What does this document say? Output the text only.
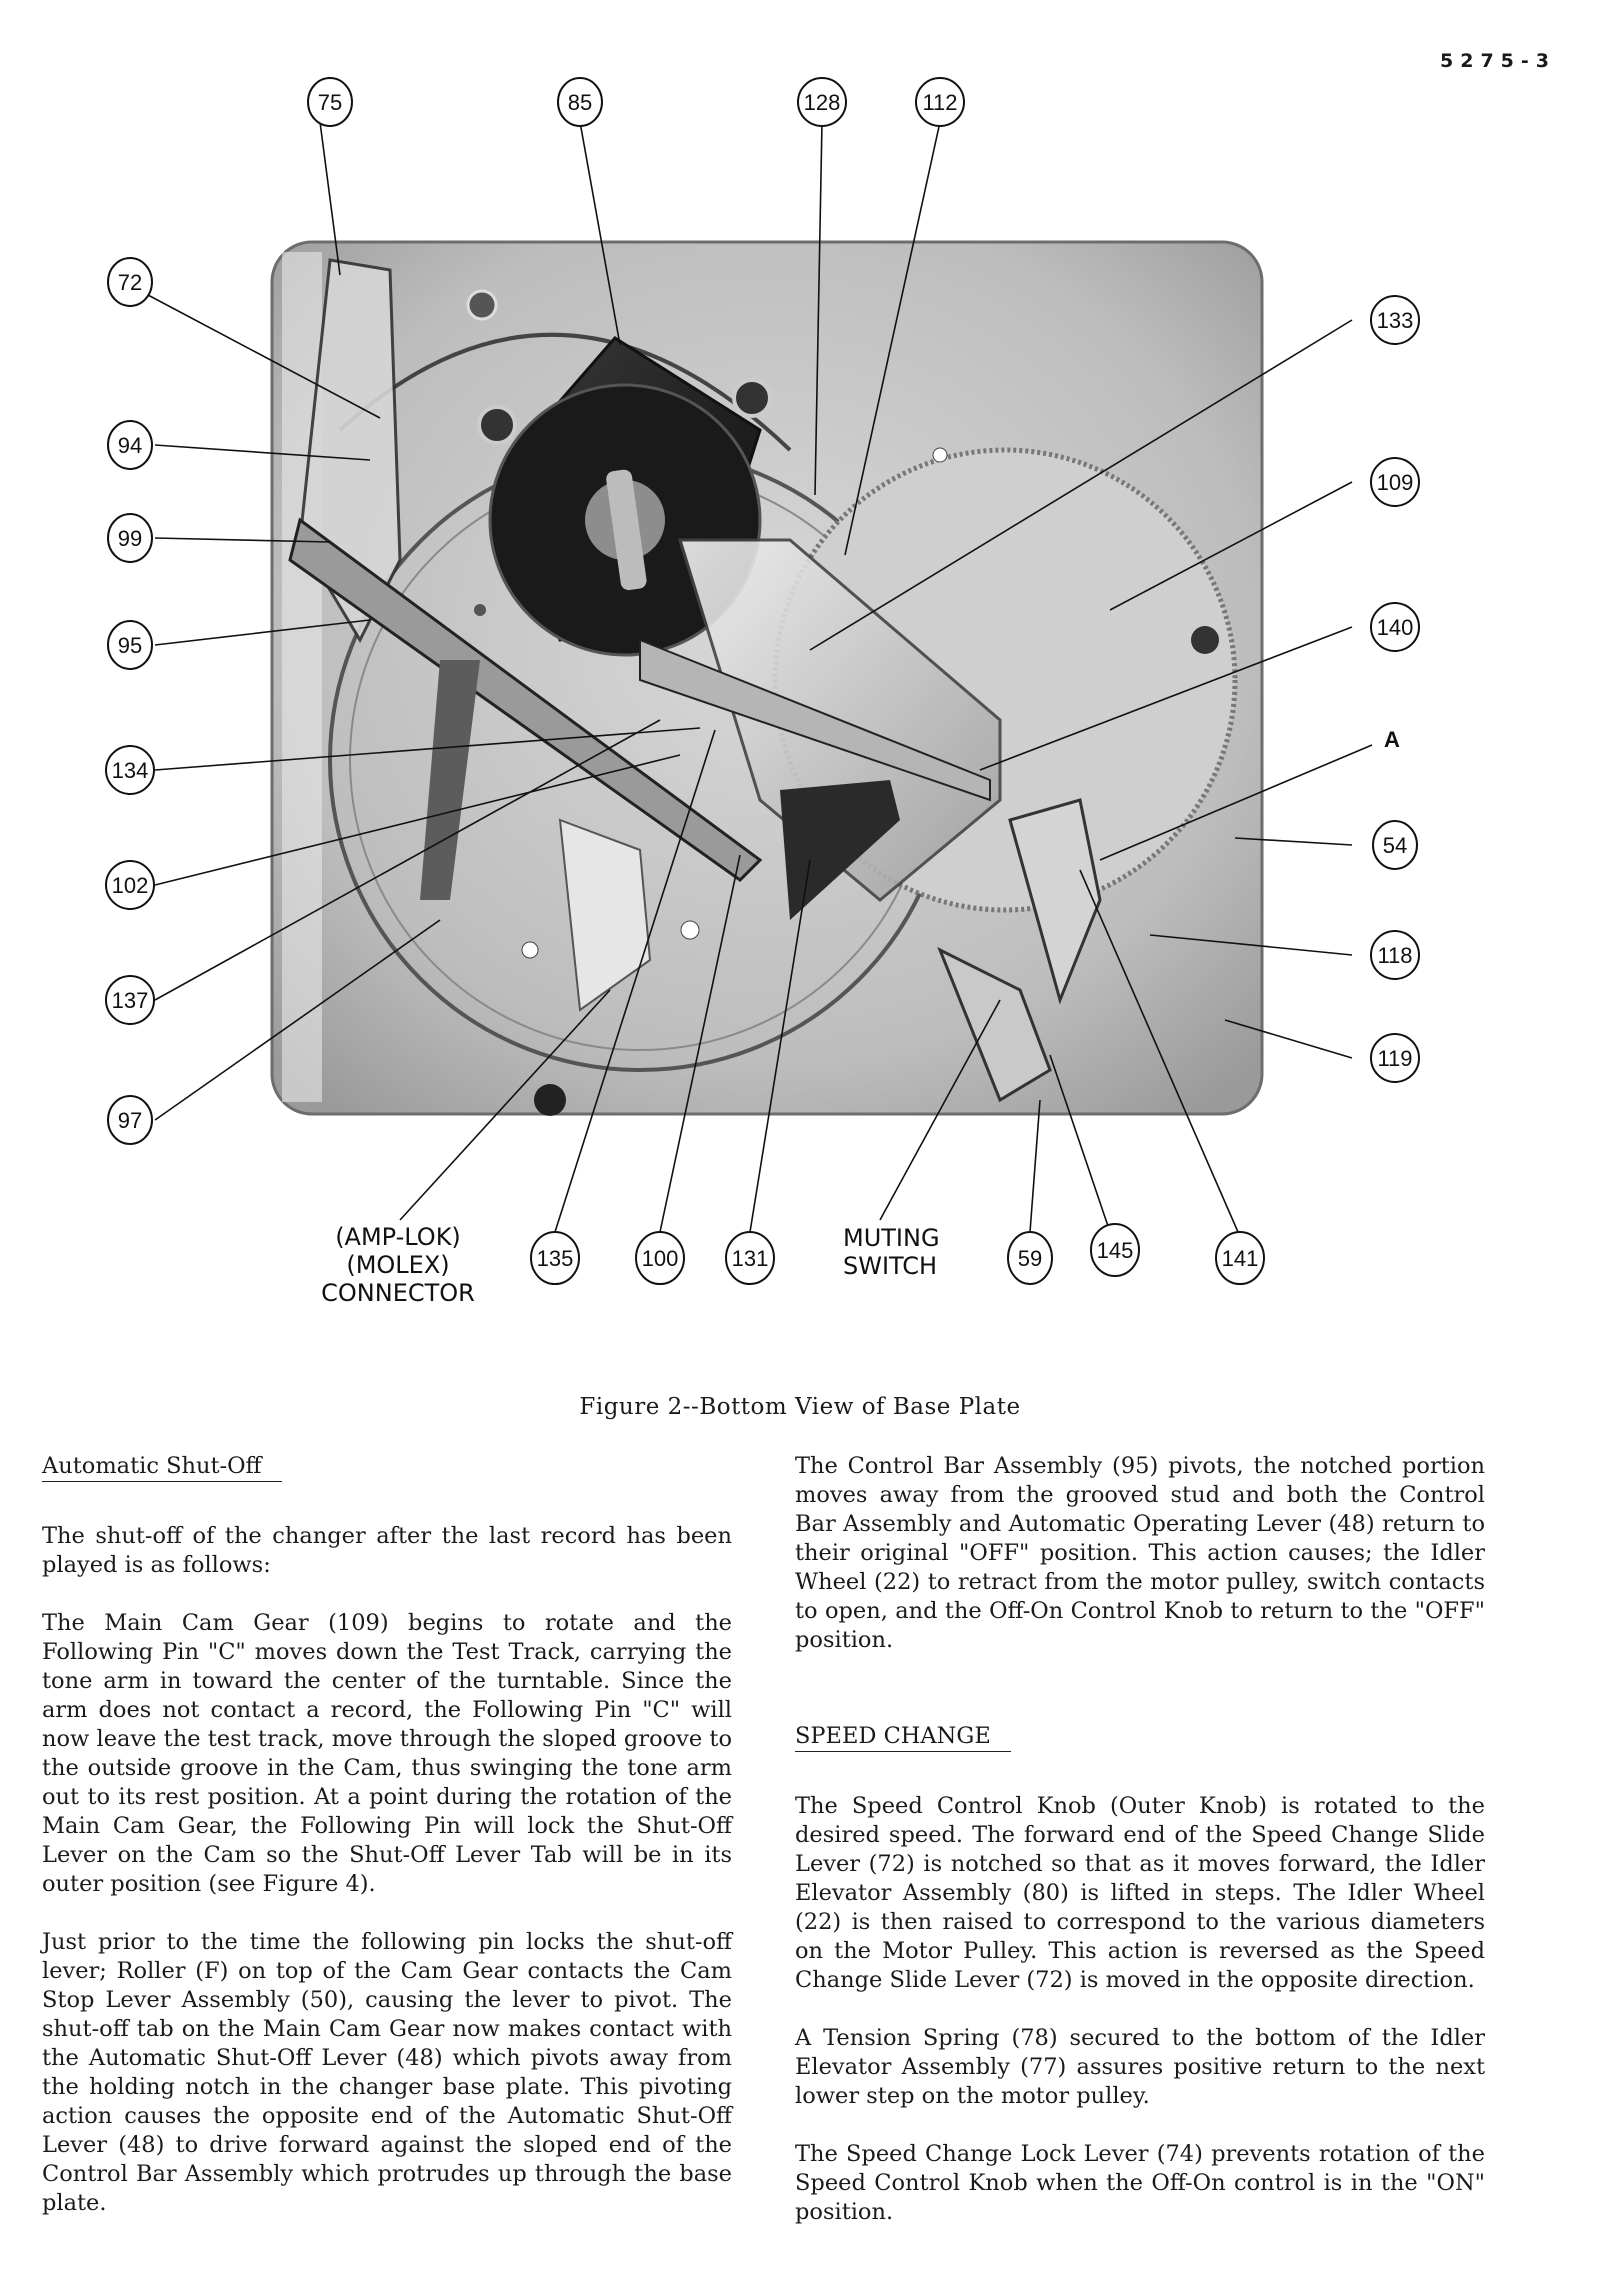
5275-3
75	85	128	112
72
94
99
95
134
102
137
97
133
109
140
A
54
118
119
(AMP-LOK)
(MOLEX)
CONNECTOR
135	100 131
MUTING
SWITCH	59 145	141
Figure 2--Bottom View of Base Plate
Automatic Shut-Off

The shut-off of the changer after the last record has been played is as follows:

The Main Cam Gear (109) begins to rotate and the Following Pin "C" moves down the Test Track, carrying the tone arm in toward the center of the turntable. Since the arm does not contact a record, the Following Pin "C" will now leave the test track, move through the sloped groove to the outside groove in the Cam, thus swinging the tone arm out to its rest position. At a point during the rotation of the Main Cam Gear, the Following Pin will lock the Shut-Off Lever on the Cam so the Shut-Off Lever Tab will be in its outer position (see Figure 4).

Just prior to the time the following pin locks the shut-off lever; Roller (F) on top of the Cam Gear contacts the Cam Stop Lever Assembly (50), causing the lever to pivot. The shut-off tab on the Main Cam Gear now makes contact with the Automatic Shut-Off Lever (48) which pivots away from the holding notch in the changer base plate. This pivoting action causes the opposite end of the Automatic Shut-Off Lever (48) to drive forward against the sloped end of the Control Bar Assembly which protrudes up through the base plate.

The Control Bar Assembly (95) pivots, the notched portion moves away from the grooved stud and both the Control Bar Assembly and Automatic Operating Lever (48) return to their original "OFF" position. This action causes; the Idler Wheel (22) to retract from the motor pulley, switch contacts to open, and the Off-On Control Knob to return to the "OFF" position.

SPEED CHANGE

The Speed Control Knob (Outer Knob) is rotated to the desired speed. The forward end of the Speed Change Slide Lever (72) is notched so that as it moves forward, the Idler Elevator Assembly (80) is lifted in steps. The Idler Wheel (22) is then raised to correspond to the various diameters on the Motor Pulley. This action is reversed as the Speed Change Slide Lever (72) is moved in the opposite direction.

A Tension Spring (78) secured to the bottom of the Idler Elevator Assembly (77) assures positive return to the next lower step on the motor pulley.

The Speed Change Lock Lever (74) prevents rotation of the Speed Control Knob when the Off-On control is in the "ON" position.
